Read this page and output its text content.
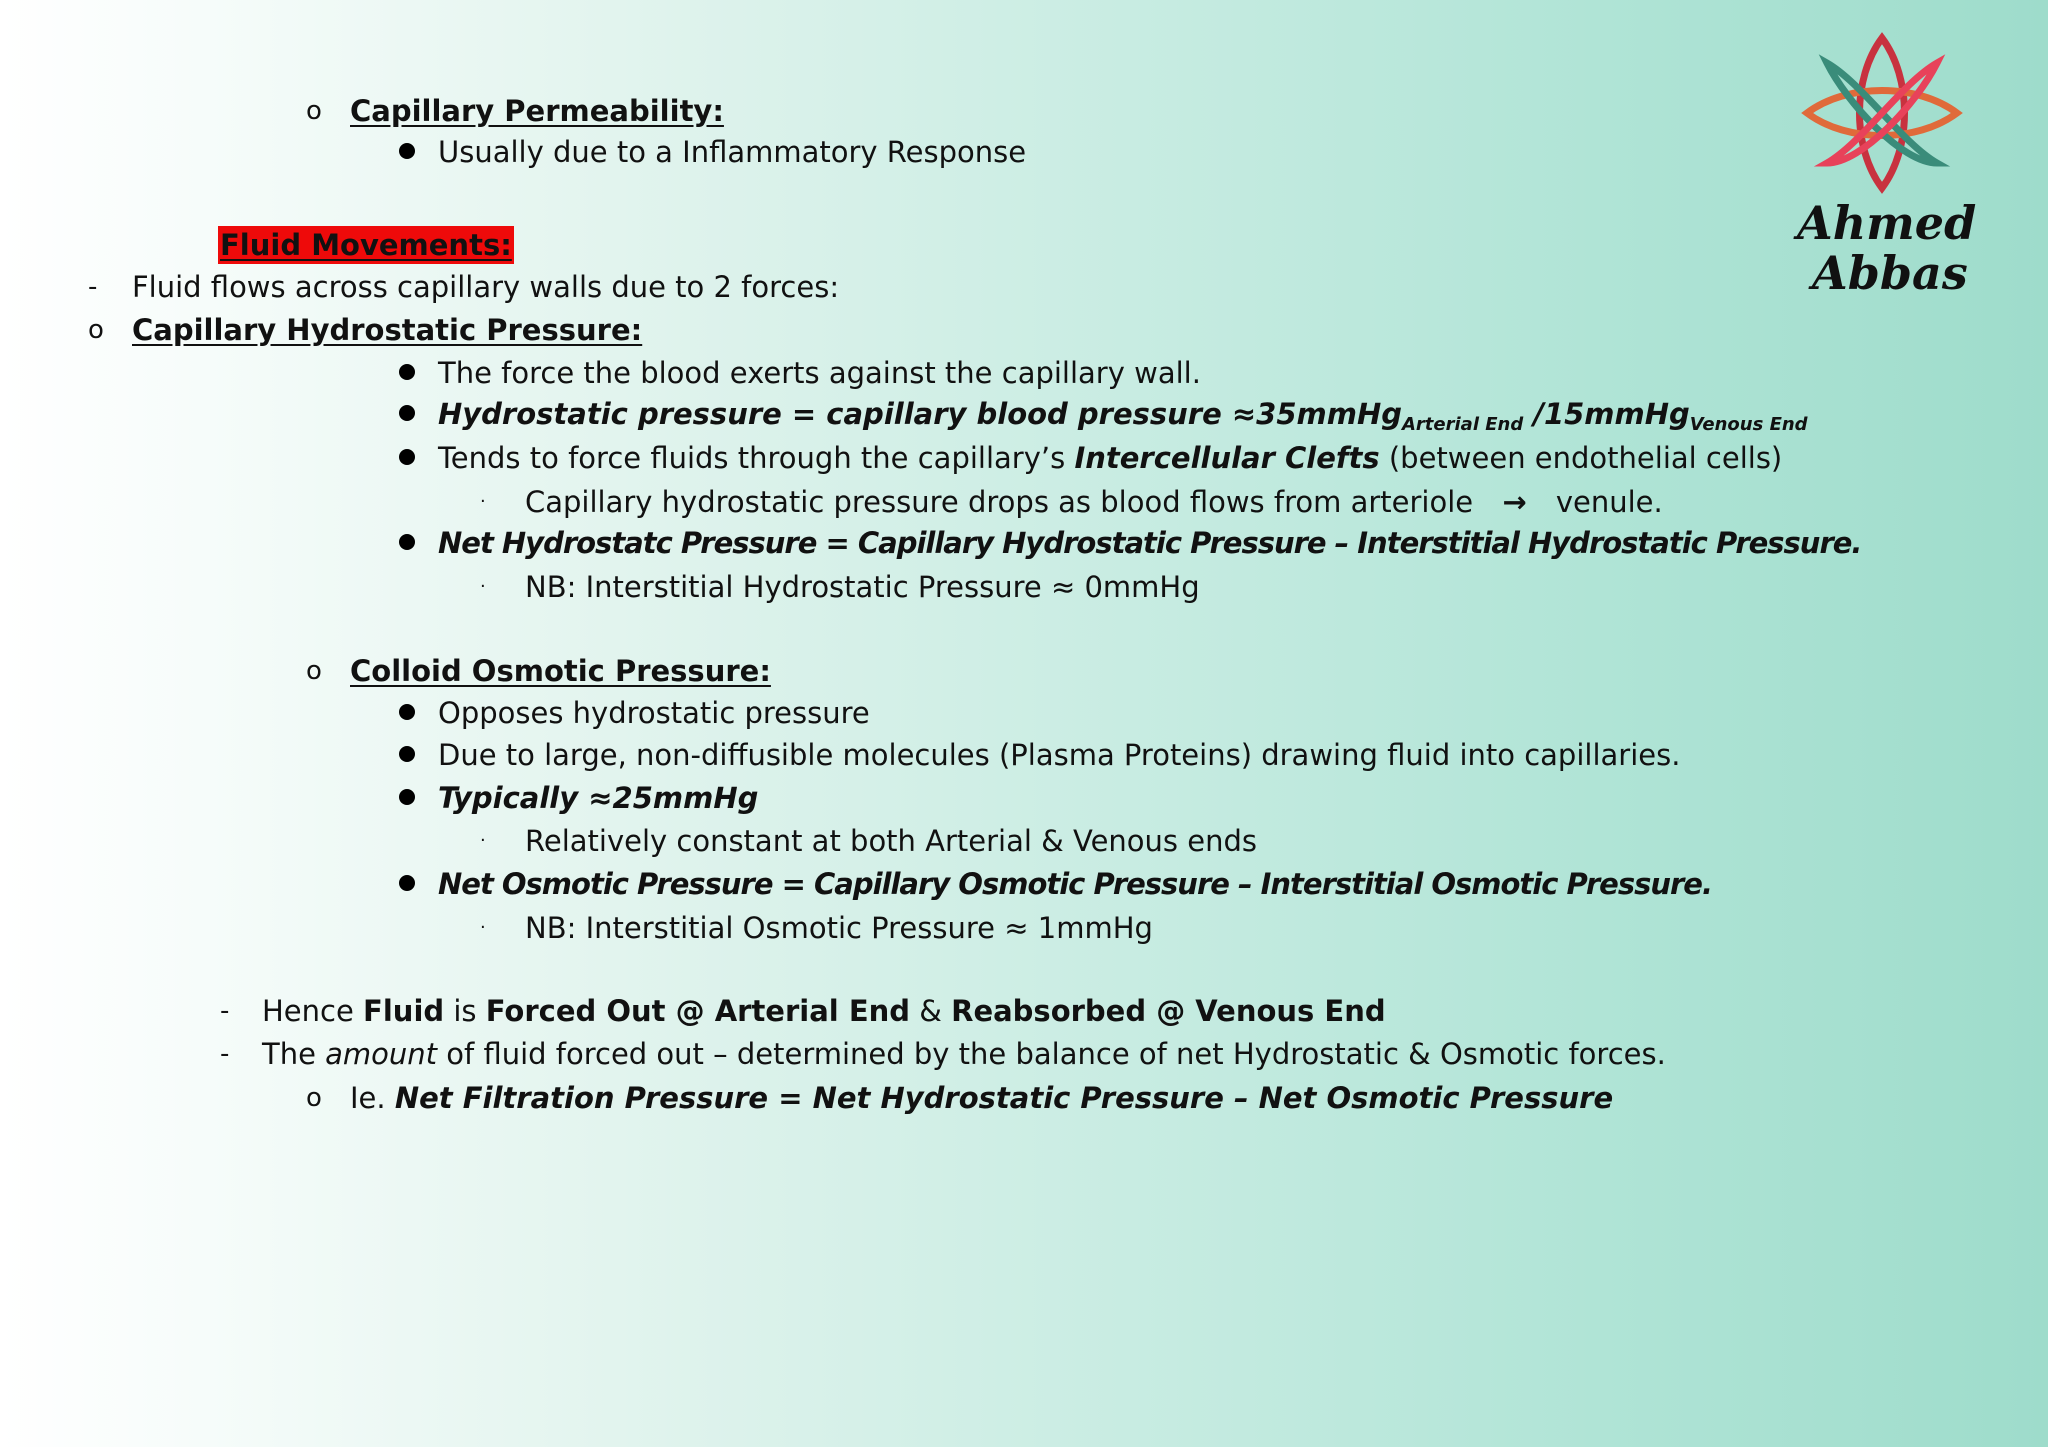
Ahmed
Abbas
o Capillary Permeability:
Usually due to a Inflammatory Response
Fluid Movements:
- Fluid flows across capillary walls due to 2 forces:
o Capillary Hydrostatic Pressure:
The force the blood exerts against the capillary wall.
Hydrostatic pressure = capillary blood pressure ≈35mmHg$_{Arterial End}$ /15mmHg$_{Venous End}$
Tends to force fluids through the capillary’s Intercellular Clefts (between endothelial cells)
· Capillary hydrostatic pressure drops as blood flows from arteriole → venule.
Net Hydrostatc Pressure = Capillary Hydrostatic Pressure – Interstitial Hydrostatic Pressure.
· NB: Interstitial Hydrostatic Pressure ≈ 0mmHg
o Colloid Osmotic Pressure:
Opposes hydrostatic pressure
Due to large, non-diffusible molecules (Plasma Proteins) drawing fluid into capillaries.
Typically ≈25mmHg
· Relatively constant at both Arterial & Venous ends
Net Osmotic Pressure = Capillary Osmotic Pressure – Interstitial Osmotic Pressure.
· NB: Interstitial Osmotic Pressure ≈ 1mmHg
- Hence Fluid is Forced Out @ Arterial End & Reabsorbed @ Venous End
- The amount of fluid forced out – determined by the balance of net Hydrostatic & Osmotic forces.
o Ie. Net Filtration Pressure = Net Hydrostatic Pressure – Net Osmotic Pressure
